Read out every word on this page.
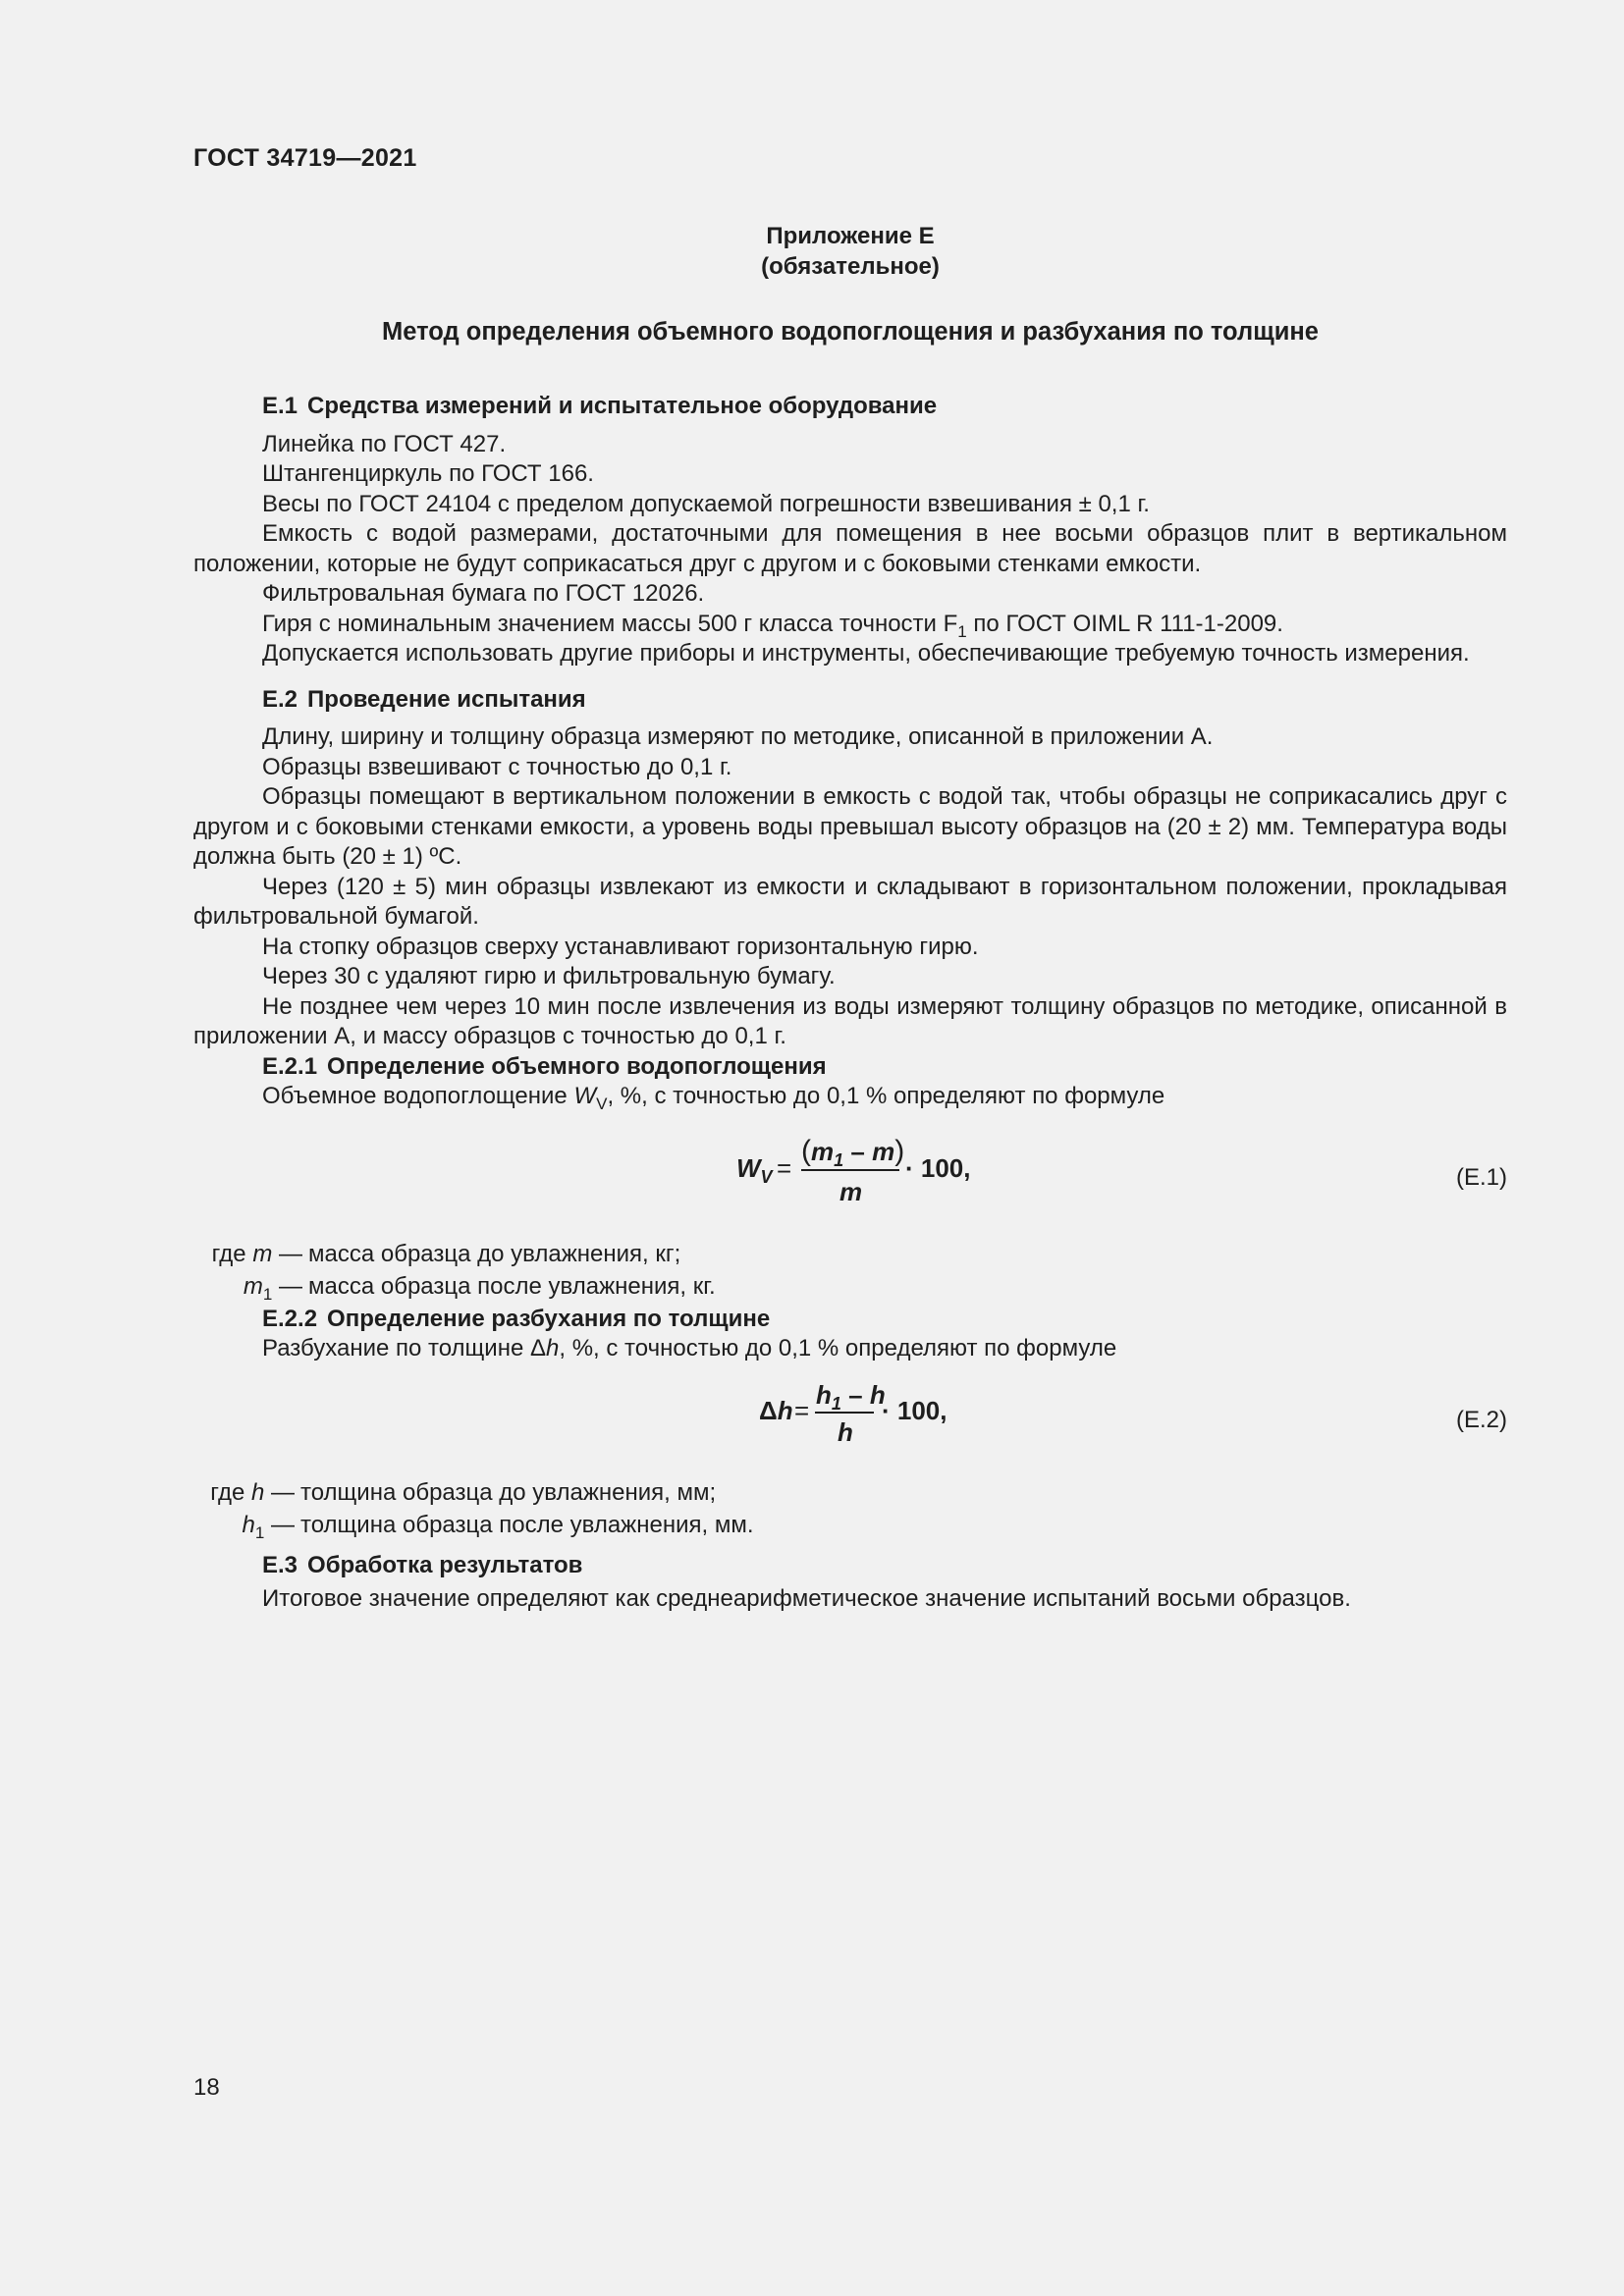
ГОСТ 34719—2021
Приложение Е
(обязательное)
Метод определения объемного водопоглощения и разбухания по толщине
Е.1 Средства измерений и испытательное оборудование

Линейка по ГОСТ 427.

Штангенциркуль по ГОСТ 166.

Весы по ГОСТ 24104 с пределом допускаемой погрешности взвешивания ± 0,1 г.

Емкость с водой размерами, достаточными для помещения в нее восьми образцов плит в вертикальном положении, которые не будут соприкасаться друг с другом и с боковыми стенками емкости.

Фильтровальная бумага по ГОСТ 12026.

Гиря с номинальным значением массы 500 г класса точности $F_1$ по ГОСТ OIML R 111-1-2009.

Допускается использовать другие приборы и инструменты, обеспечивающие требуемую точность измерения.

Е.2 Проведение испытания

Длину, ширину и толщину образца измеряют по методике, описанной в приложении А.

Образцы взвешивают с точностью до 0,1 г.

Образцы помещают в вертикальном положении в емкость с водой так, чтобы образцы не соприкасались друг с другом и с боковыми стенками емкости, а уровень воды превышал высоту образцов на (20 ± 2) мм. Температура воды должна быть (20 ± 1) ºС.

Через (120 ± 5) мин образцы извлекают из емкости и складывают в горизонтальном положении, прокладывая фильтровальной бумагой.

На стопку образцов сверху устанавливают горизонтальную гирю.

Через 30 с удаляют гирю и фильтровальную бумагу.

Не позднее чем через 10 мин после извлечения из воды измеряют толщину образцов по методике, описанной в приложении А, и массу образцов с точностью до 0,1 г.

Е.2.1 Определение объемного водопоглощения

Объемное водопоглощение $W_V$, %, с точностью до 0,1 % определяют по формуле

$W_V$ =
$(m_1 - m)$
m
· 100,	(Е.1)
где m — масса образца до увлажнения, кг;
$m_1$ — масса образца после увлажнения, кг.
Е.2.2 Определение разбухания по толщине

Разбухание по толщине Δh, %, с точностью до 0,1 % определяют по формуле

Δh =
$h_1$ – h
h
· 100,	(Е.2)
где h — толщина образца до увлажнения, мм;
$h_1$ — толщина образца после увлажнения, мм.
Е.3 Обработка результатов

Итоговое значение определяют как среднеарифметическое значение испытаний восьми образцов.

18
